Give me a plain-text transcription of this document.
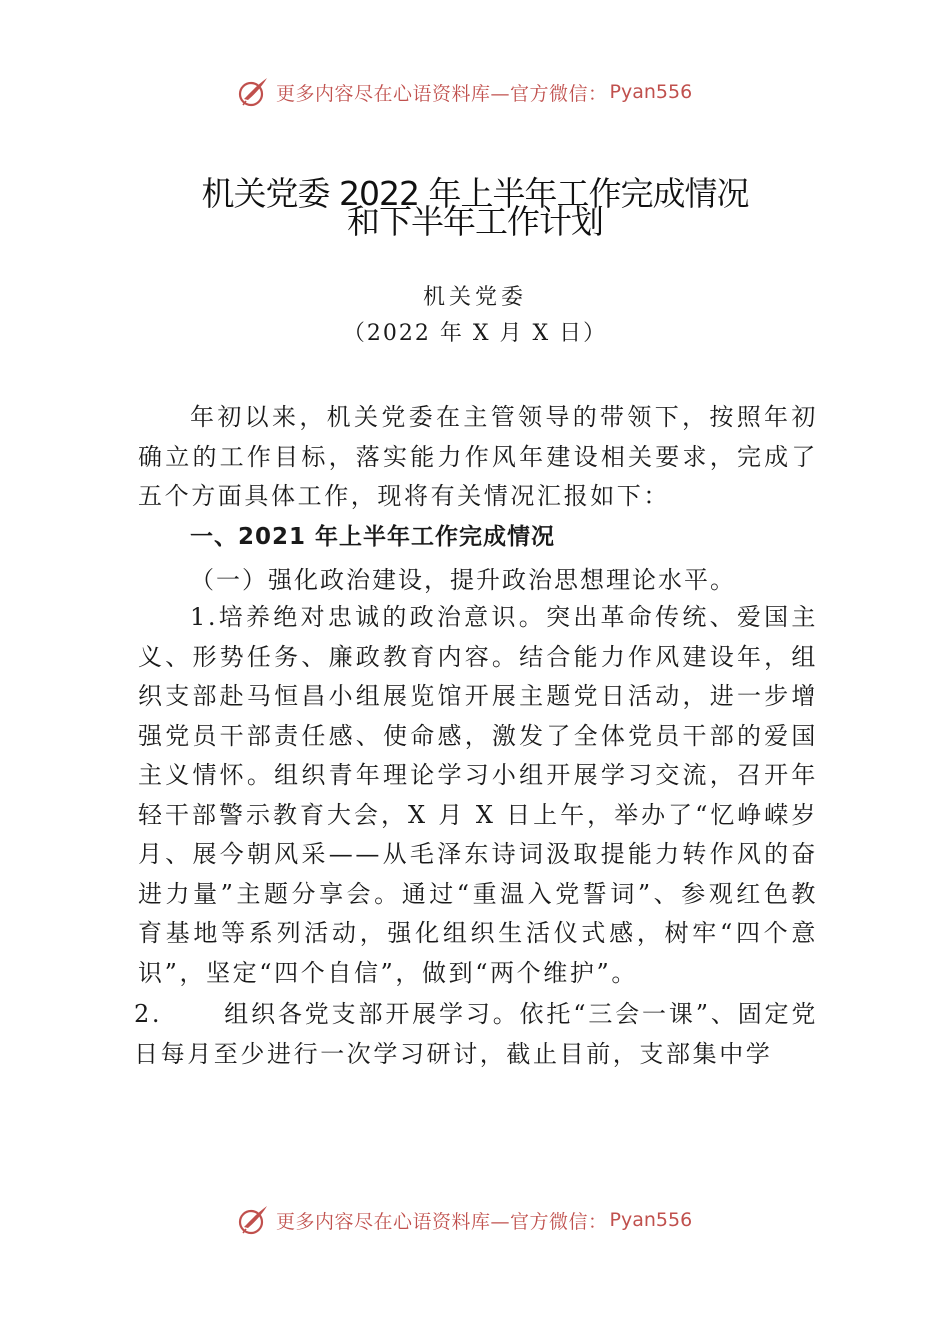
更多内容尽在心语资料库—官方微信： Pyan556
机关党委 2022 年上半年工作完成情况
和下半年工作计划
机关党委
（2022 年 X 月 X 日）

年初以来，机关党委在主管领导的带领下，按照年初确立的工作目标，落实能力作风年建设相关要求，完成了五个方面具体工作，现将有关情况汇报如下：

一、2021 年上半年工作完成情况
（一）强化政治建设，提升政治思想理论水平。

1.培养绝对忠诚的政治意识。突出革命传统、爱国主义、形势任务、廉政教育内容。结合能力作风建设年，组织支部赴马恒昌小组展览馆开展主题党日活动，进一步增强党员干部责任感、使命感，激发了全体党员干部的爱国主义情怀。组织青年理论学习小组开展学习交流，召开年轻干部警示教育大会，X 月 X 日上午，举办了“忆峥嵘岁月、展今朝风采——从毛泽东诗词汲取提能力转作风的奋进力量”主题分享会。通过“重温入党誓词”、参观红色教育基地等系列活动，强化组织生活仪式感，树牢“四个意识”，坚定“四个自信”，做到“两个维护”。

2.	组织各党支部开展学习。依托“三会一课”、固定党日每月至少进行一次学习研讨，截止目前，支部集中学

更多内容尽在心语资料库—官方微信： Pyan556
